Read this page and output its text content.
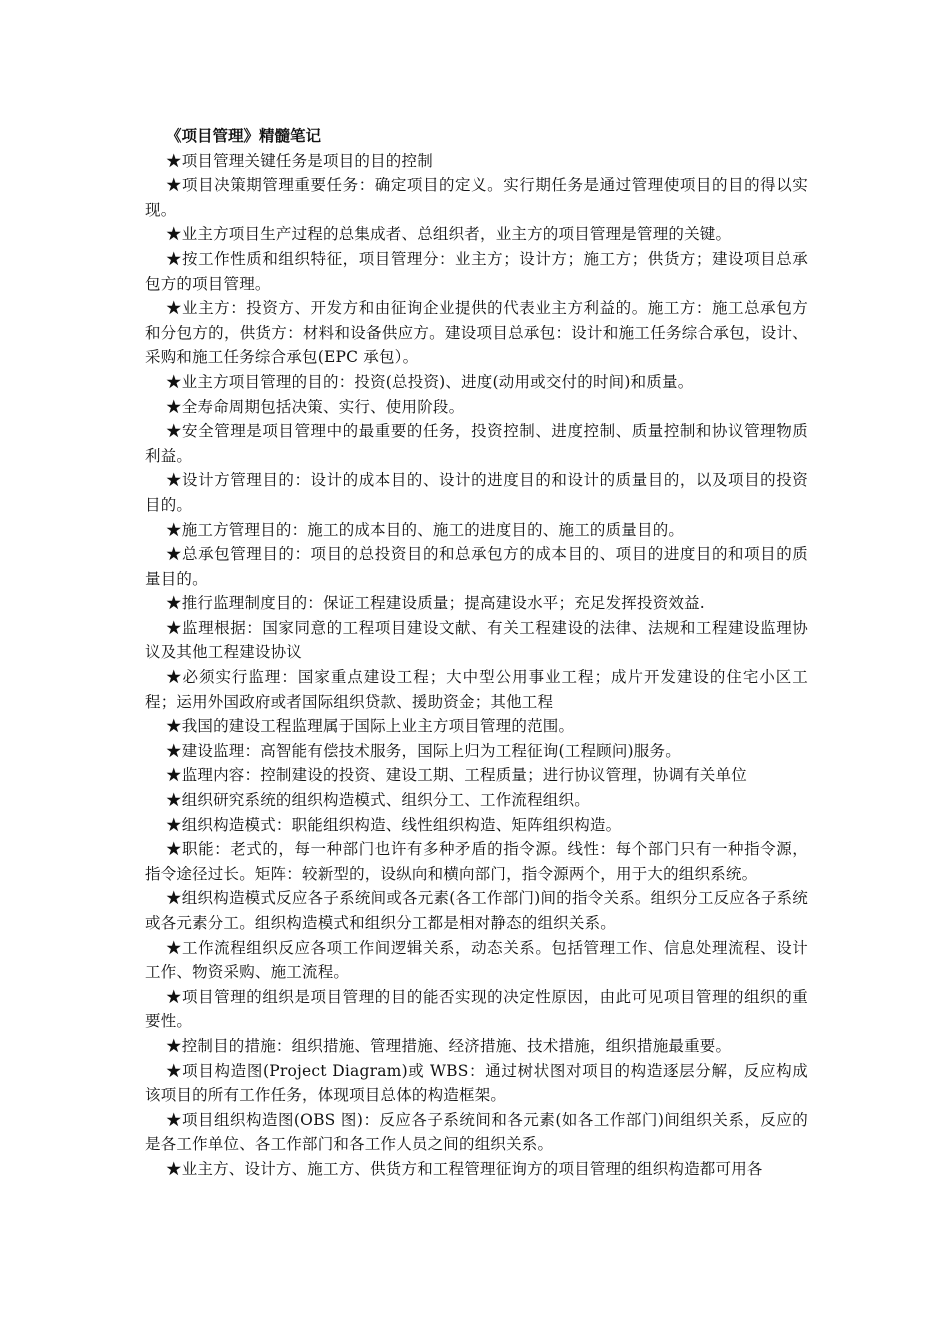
《项目管理》精髓笔记

★项目管理关键任务是项目的目的控制

★项目决策期管理重要任务：确定项目的定义。实行期任务是通过管理使项目的目的得以实现。

★业主方项目生产过程的总集成者、总组织者，业主方的项目管理是管理的关键。

★按工作性质和组织特征，项目管理分：业主方；设计方；施工方；供货方；建设项目总承包方的项目管理。

★业主方：投资方、开发方和由征询企业提供的代表业主方利益的。施工方：施工总承包方和分包方的，供货方：材料和设备供应方。建设项目总承包：设计和施工任务综合承包，设计、采购和施工任务综合承包(EPC 承包）。

★业主方项目管理的目的：投资(总投资)、进度(动用或交付的时间)和质量。

★全寿命周期包括决策、实行、使用阶段。

★安全管理是项目管理中的最重要的任务，投资控制、进度控制、质量控制和协议管理物质利益。

★设计方管理目的：设计的成本目的、设计的进度目的和设计的质量目的，以及项目的投资目的。

★施工方管理目的：施工的成本目的、施工的进度目的、施工的质量目的。

★总承包管理目的：项目的总投资目的和总承包方的成本目的、项目的进度目的和项目的质量目的。

★推行监理制度目的：保证工程建设质量；提高建设水平；充足发挥投资效益.

★监理根据：国家同意的工程项目建设文献、有关工程建设的法律、法规和工程建设监理协议及其他工程建设协议

★必须实行监理：国家重点建设工程；大中型公用事业工程；成片开发建设的住宅小区工程；运用外国政府或者国际组织贷款、援助资金；其他工程

★我国的建设工程监理属于国际上业主方项目管理的范围。

★建设监理：高智能有偿技术服务，国际上归为工程征询(工程顾问)服务。

★监理内容：控制建设的投资、建设工期、工程质量；进行协议管理，协调有关单位

★组织研究系统的组织构造模式、组织分工、工作流程组织。

★组织构造模式：职能组织构造、线性组织构造、矩阵组织构造。

★职能：老式的，每一种部门也许有多种矛盾的指令源。线性：每个部门只有一种指令源，指令途径过长。矩阵：较新型的，设纵向和横向部门，指令源两个，用于大的组织系统。

★组织构造模式反应各子系统间或各元素(各工作部门)间的指令关系。组织分工反应各子系统或各元素分工。组织构造模式和组织分工都是相对静态的组织关系。

★工作流程组织反应各项工作间逻辑关系，动态关系。包括管理工作、信息处理流程、设计工作、物资采购、施工流程。

★项目管理的组织是项目管理的目的能否实现的决定性原因，由此可见项目管理的组织的重要性。

★控制目的措施：组织措施、管理措施、经济措施、技术措施，组织措施最重要。

★项目构造图(Project Diagram)或 WBS：通过树状图对项目的构造逐层分解，反应构成该项目的所有工作任务，体现项目总体的构造框架。

★项目组织构造图(OBS 图)：反应各子系统间和各元素(如各工作部门)间组织关系，反应的是各工作单位、各工作部门和各工作人员之间的组织关系。

★业主方、设计方、施工方、供货方和工程管理征询方的项目管理的组织构造都可用各
